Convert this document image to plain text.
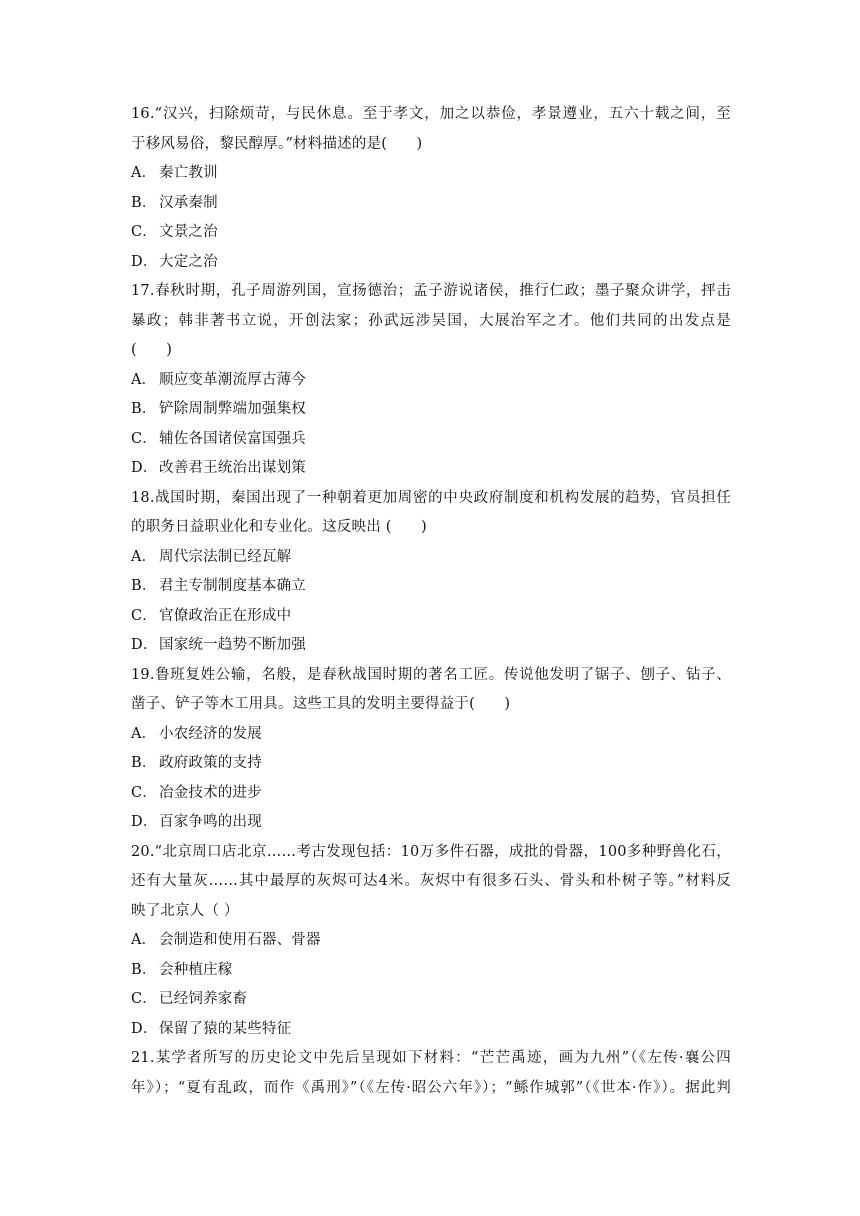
16.“汉兴，扫除烦苛，与民休息。至于孝文，加之以恭俭，孝景遵业，五六十载之间，至
于移风易俗，黎民醇厚。”材料描述的是(　　)
A． 秦亡教训
B． 汉承秦制
C． 文景之治
D．大定之治
17.春秋时期，孔子周游列国，宣扬德治；孟子游说诸侯，推行仁政；墨子聚众讲学，抨击
暴政；韩非著书立说，开创法家；孙武远涉吴国，大展治军之才。他们共同的出发点是
(　　)
A． 顺应变革潮流厚古薄今
B． 铲除周制弊端加强集权
C． 辅佐各国诸侯富国强兵
D．改善君王统治出谋划策
18.战国时期，秦国出现了一种朝着更加周密的中央政府制度和机构发展的趋势，官员担任
的职务日益职业化和专业化。这反映出 (　　)
A． 周代宗法制已经瓦解
B． 君主专制制度基本确立
C． 官僚政治正在形成中
D．国家统一趋势不断加强
19.鲁班复姓公输，名般，是春秋战国时期的著名工匠。传说他发明了锯子、刨子、钻子、
凿子、铲子等木工用具。这些工具的发明主要得益于(　　)
A． 小农经济的发展
B． 政府政策的支持
C． 冶金技术的进步
D．百家争鸣的出现
20.“北京周口店北京……考古发现包括：10万多件石器，成批的骨器，100多种野兽化石，
还有大量灰……其中最厚的灰烬可达4米。灰烬中有很多石头、骨头和朴树子等。”材料反
映了北京人（ ）
A． 会制造和使用石器、骨器
B． 会种植庄稼
C． 已经饲养家畜
D．保留了猿的某些特征
21.某学者所写的历史论文中先后呈现如下材料：“芒芒禹迹，画为九州”（《左传·襄公四
年》）；“夏有乱政，而作《禹刑》”（《左传·昭公六年》）；“鲧作城郭”（《世本·作》）。据此判
